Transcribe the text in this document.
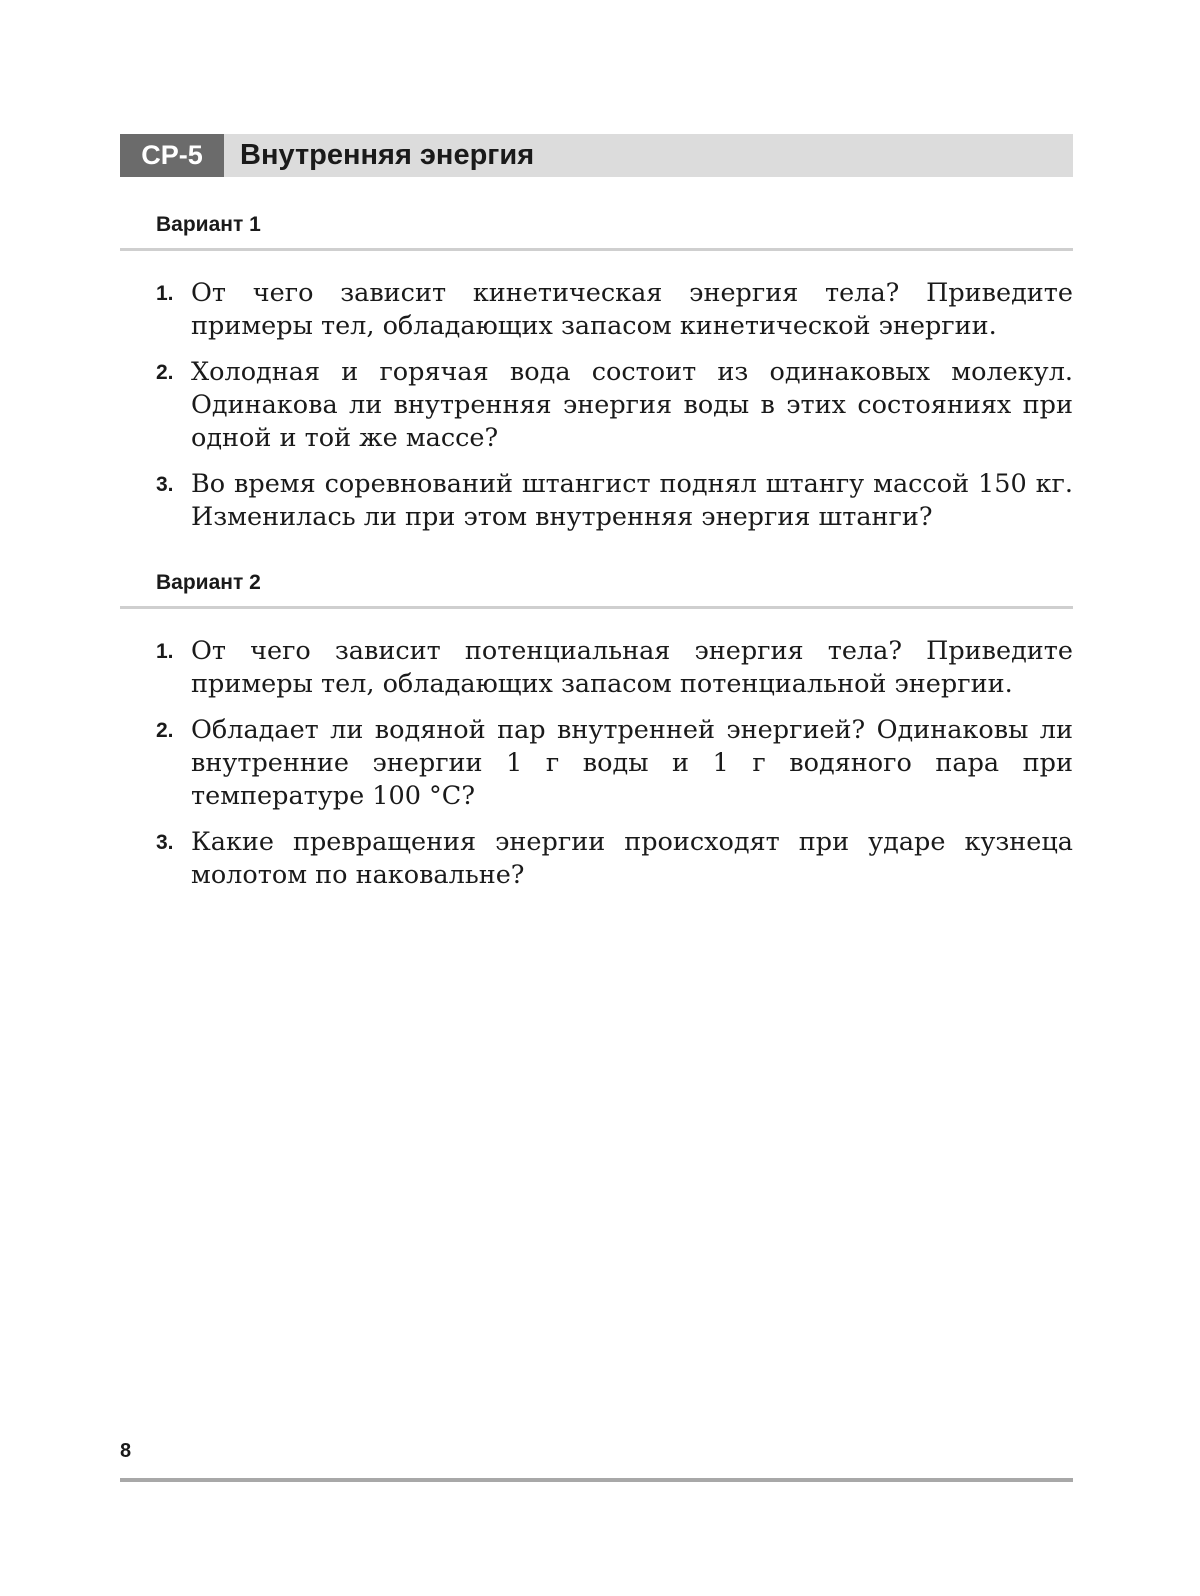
СР-5	Внутренняя энергия
Вариант 1
1. От чего зависит кинетическая энергия тела? Приведите примеры тел, обладающих запасом кинетической энергии.
2. Холодная и горячая вода состоит из одинаковых молекул. Одинакова ли внутренняя энергия воды в этих состояниях при одной и той же массе?
3. Во время соревнований штангист поднял штангу массой 150 кг. Изменилась ли при этом внутренняя энергия штанги?
Вариант 2
1. От чего зависит потенциальная энергия тела? Приведите примеры тел, обладающих запасом потенциальной энергии.
2. Обладает ли водяной пар внутренней энергией? Одинаковы ли внутренние энергии 1 г воды и 1 г водяного пара при температуре 100 °C?
3. Какие превращения энергии происходят при ударе кузнеца молотом по наковальне?
8
